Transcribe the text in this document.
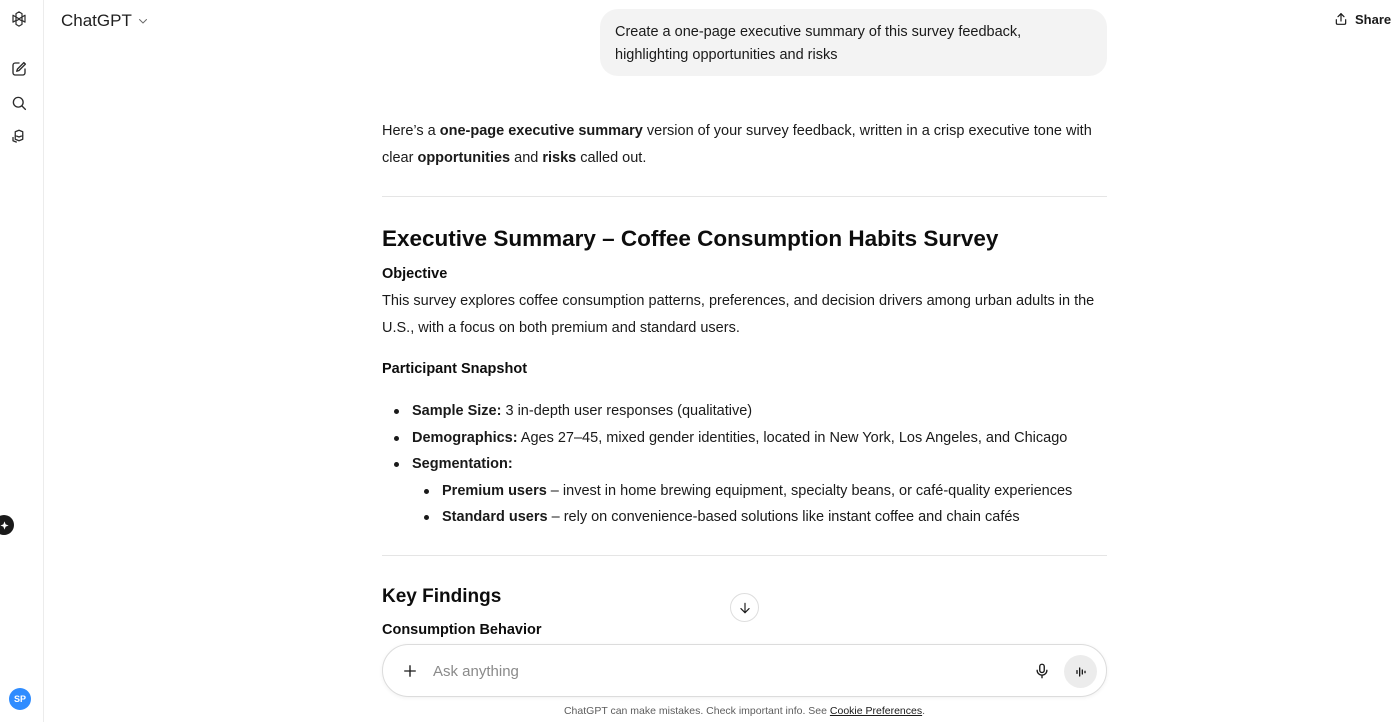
SP
ChatGPT	Share
Create a one-page executive summary of this survey feedback, highlighting opportunities and risks
Here’s a one-page executive summary version of your survey feedback, written in a crisp executive tone with clear opportunities and risks called out.
Executive Summary – Coffee Consumption Habits Survey
Objective
This survey explores coffee consumption patterns, preferences, and decision drivers among urban adults in the U.S., with a focus on both premium and standard users.
Participant Snapshot
Sample Size: 3 in-depth user responses (qualitative)
Demographics: Ages 27–45, mixed gender identities, located in New York, Los Angeles, and Chicago
Segmentation:
Premium users – invest in home brewing equipment, specialty beans, or café-quality experiences
Standard users – rely on convenience-based solutions like instant coffee and chain cafés
Key Findings
Consumption Behavior
Ask anything
ChatGPT can make mistakes. Check important info. See Cookie Preferences.
